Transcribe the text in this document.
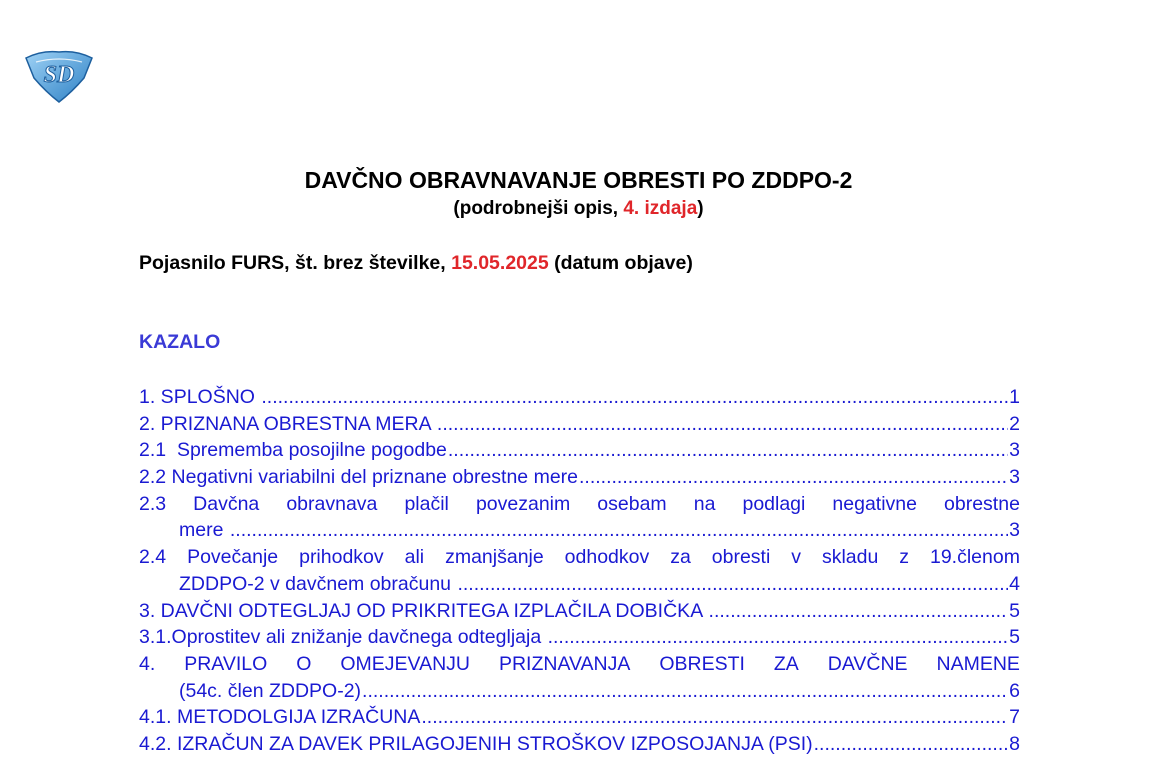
SD
DAVČNO OBRAVNAVANJE OBRESTI PO ZDDPO-2
(podrobnejši opis, 4. izdaja)
Pojasnilo FURS, št. brez številke, 15.05.2025 (datum objave)
KAZALO
1. SPLOŠNO .....	1
2. PRIZNANA OBRESTNA MERA .....	2
2.1 Sprememba posojilne pogodbe .....	3
2.2 Negativni variabilni del priznane obrestne mere .....	3
2.3 Davčna obravnava plačil povezanim osebam na podlagi negativne obrestne
mere .....	3
2.4 Povečanje prihodkov ali zmanjšanje odhodkov za obresti v skladu z 19.členom
ZDDPO-2 v davčnem obračunu .....	4
3. DAVČNI ODTEGLJAJ OD PRIKRITEGA IZPLAČILA DOBIČKA .....	5
3.1. Oprostitev ali znižanje davčnega odtegljaja .....	5
4. PRAVILO O OMEJEVANJU PRIZNAVANJA OBRESTI ZA DAVČNE NAMENE
(54c. člen ZDDPO-2) .....	6
4.1. METODOLGIJA IZRAČUNA .....	7
4.2. IZRAČUN ZA DAVEK PRILAGOJENIH STROŠKOV IZPOSOJANJA (PSI) .....	8
